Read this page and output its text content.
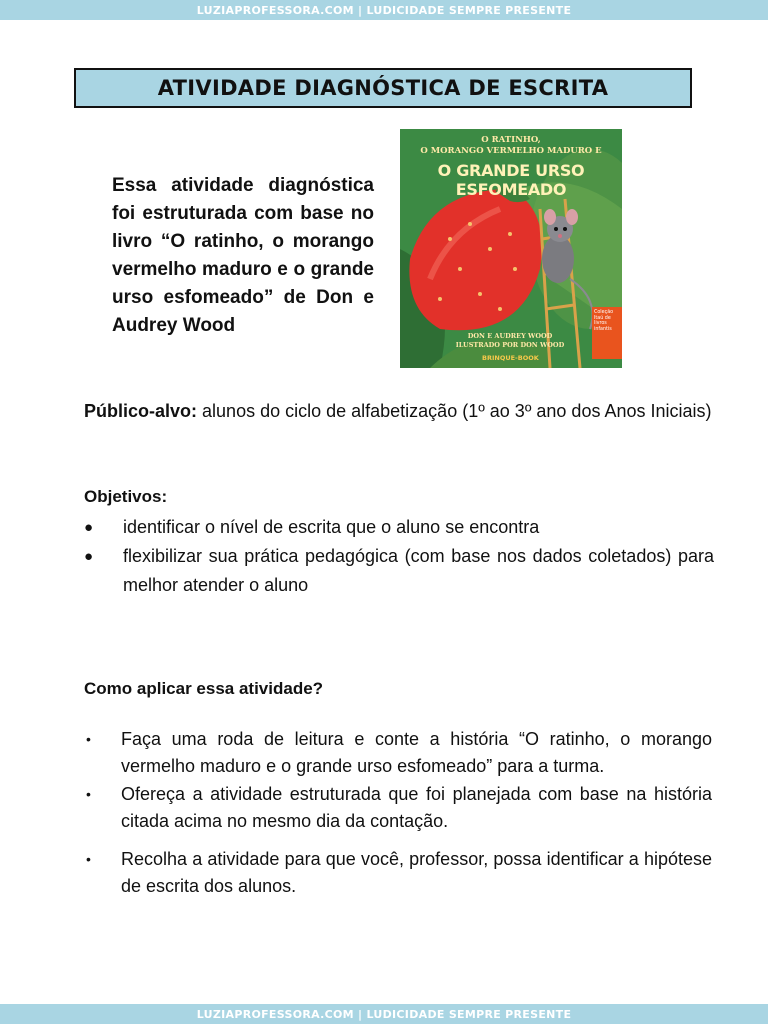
LUZIAPROFESSORA.COM | LUDICIDADE SEMPRE PRESENTE
ATIVIDADE DIAGNÓSTICA DE ESCRITA
Essa atividade diagnóstica foi estruturada com base no livro “O ratinho, o morango vermelho maduro e o grande urso esfomeado” de Don e Audrey Wood
O RATINHO,
O MORANGO VERMELHO MADURO E
O GRANDE URSO ESFOMEADO
DON E AUDREY WOOD
ILUSTRADO POR DON WOOD
BRINQUE-BOOK
Coleção Itaú de livros infantis
Público-alvo: alunos do ciclo de alfabetização (1º ao 3º ano dos Anos Iniciais)
Objetivos:
● identificar o nível de escrita que o aluno se encontra
● flexibilizar sua prática pedagógica (com base nos dados coletados) para melhor atender o aluno
Como aplicar essa atividade?
• Faça uma roda de leitura e conte a história “O ratinho, o morango vermelho maduro e o grande urso esfomeado” para a turma.
• Ofereça a atividade estruturada que foi planejada com base na história citada acima no mesmo dia da contação.
• Recolha a atividade para que você, professor, possa identificar a hipótese de escrita dos alunos.
LUZIAPROFESSORA.COM | LUDICIDADE SEMPRE PRESENTE
